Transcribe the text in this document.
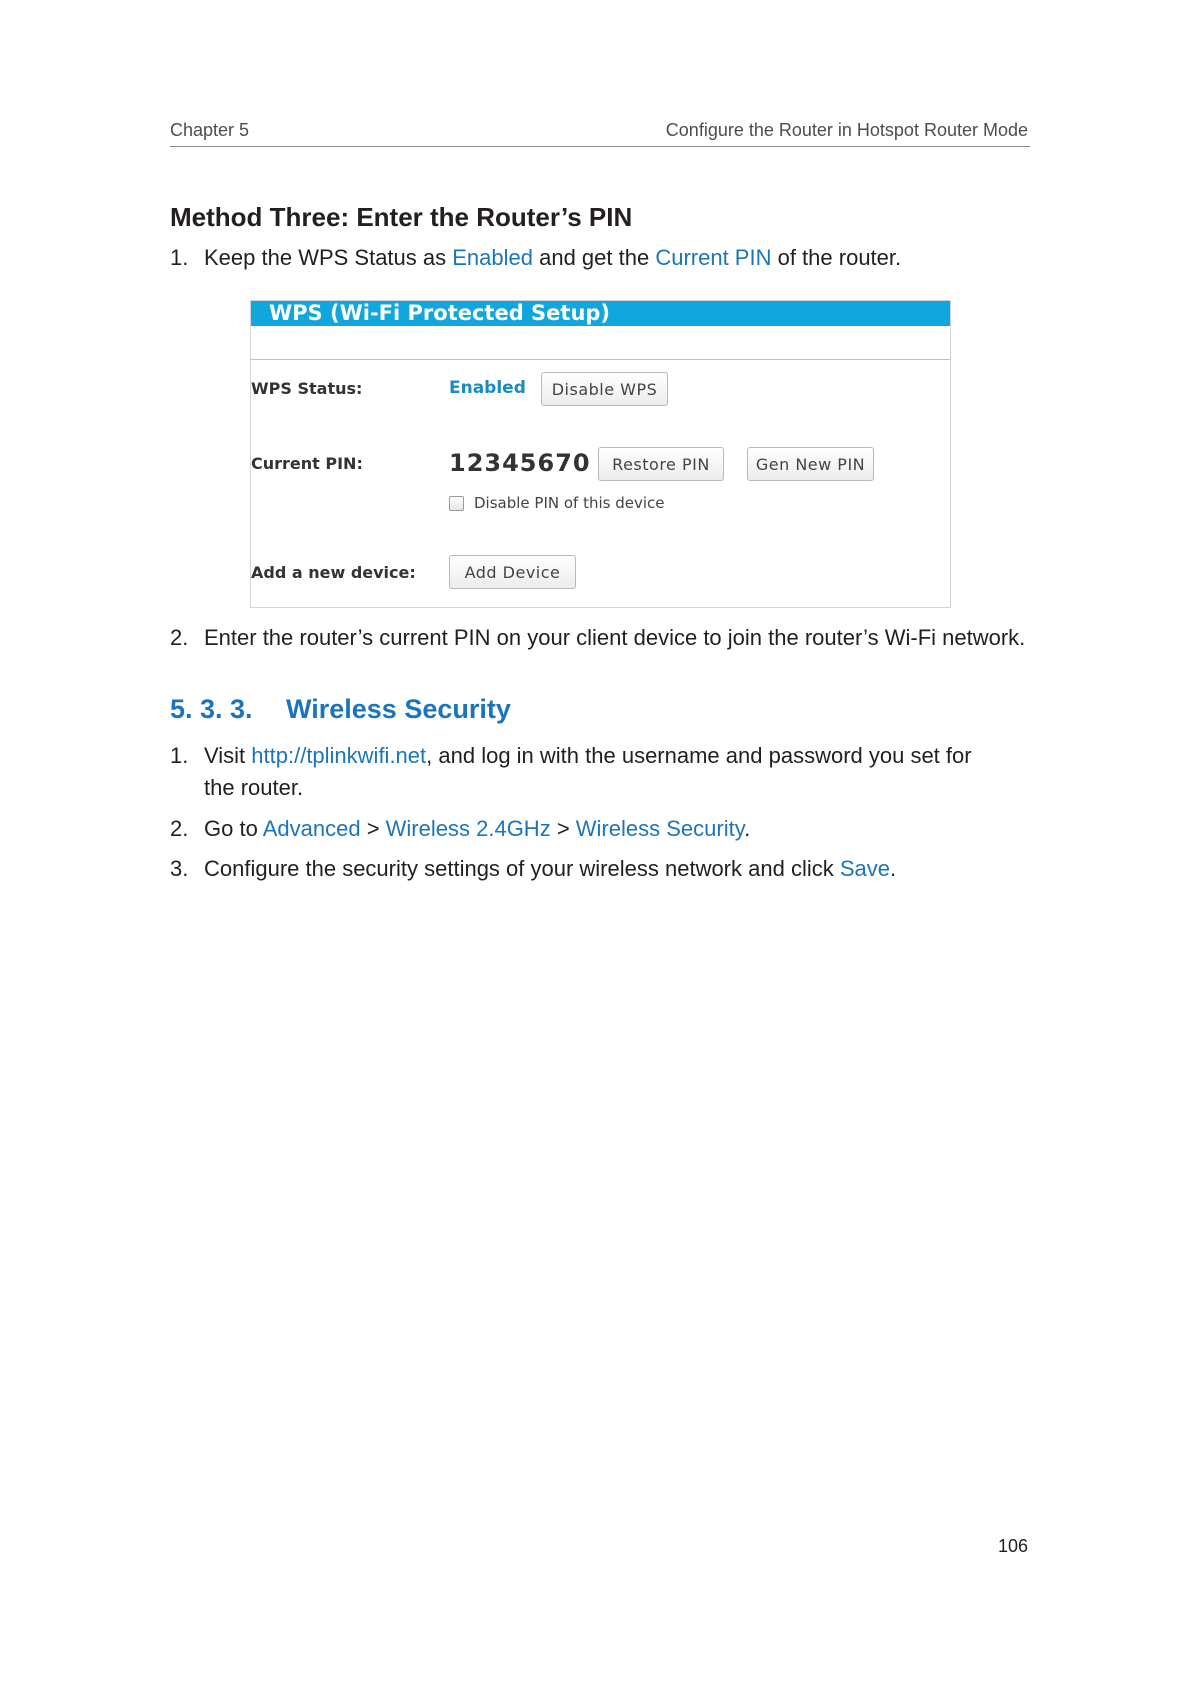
Chapter 5	Configure the Router in Hotspot Router Mode
Method Three: Enter the Router’s PIN
1. Keep the WPS Status as Enabled and get the Current PIN of the router.
WPS (Wi-Fi Protected Setup)
WPS Status:	Enabled	Disable WPS
Current PIN:	12345670	Restore PIN	Gen New PIN
Disable PIN of this device
Add a new device:	Add Device
2. Enter the router’s current PIN on your client device to join the router’s Wi-Fi network.
5. 3. 3. Wireless Security
1. Visit http://tplinkwifi.net, and log in with the username and password you set for
the router.
2. Go to Advanced > Wireless 2.4GHz > Wireless Security.
3. Configure the security settings of your wireless network and click Save.
106
